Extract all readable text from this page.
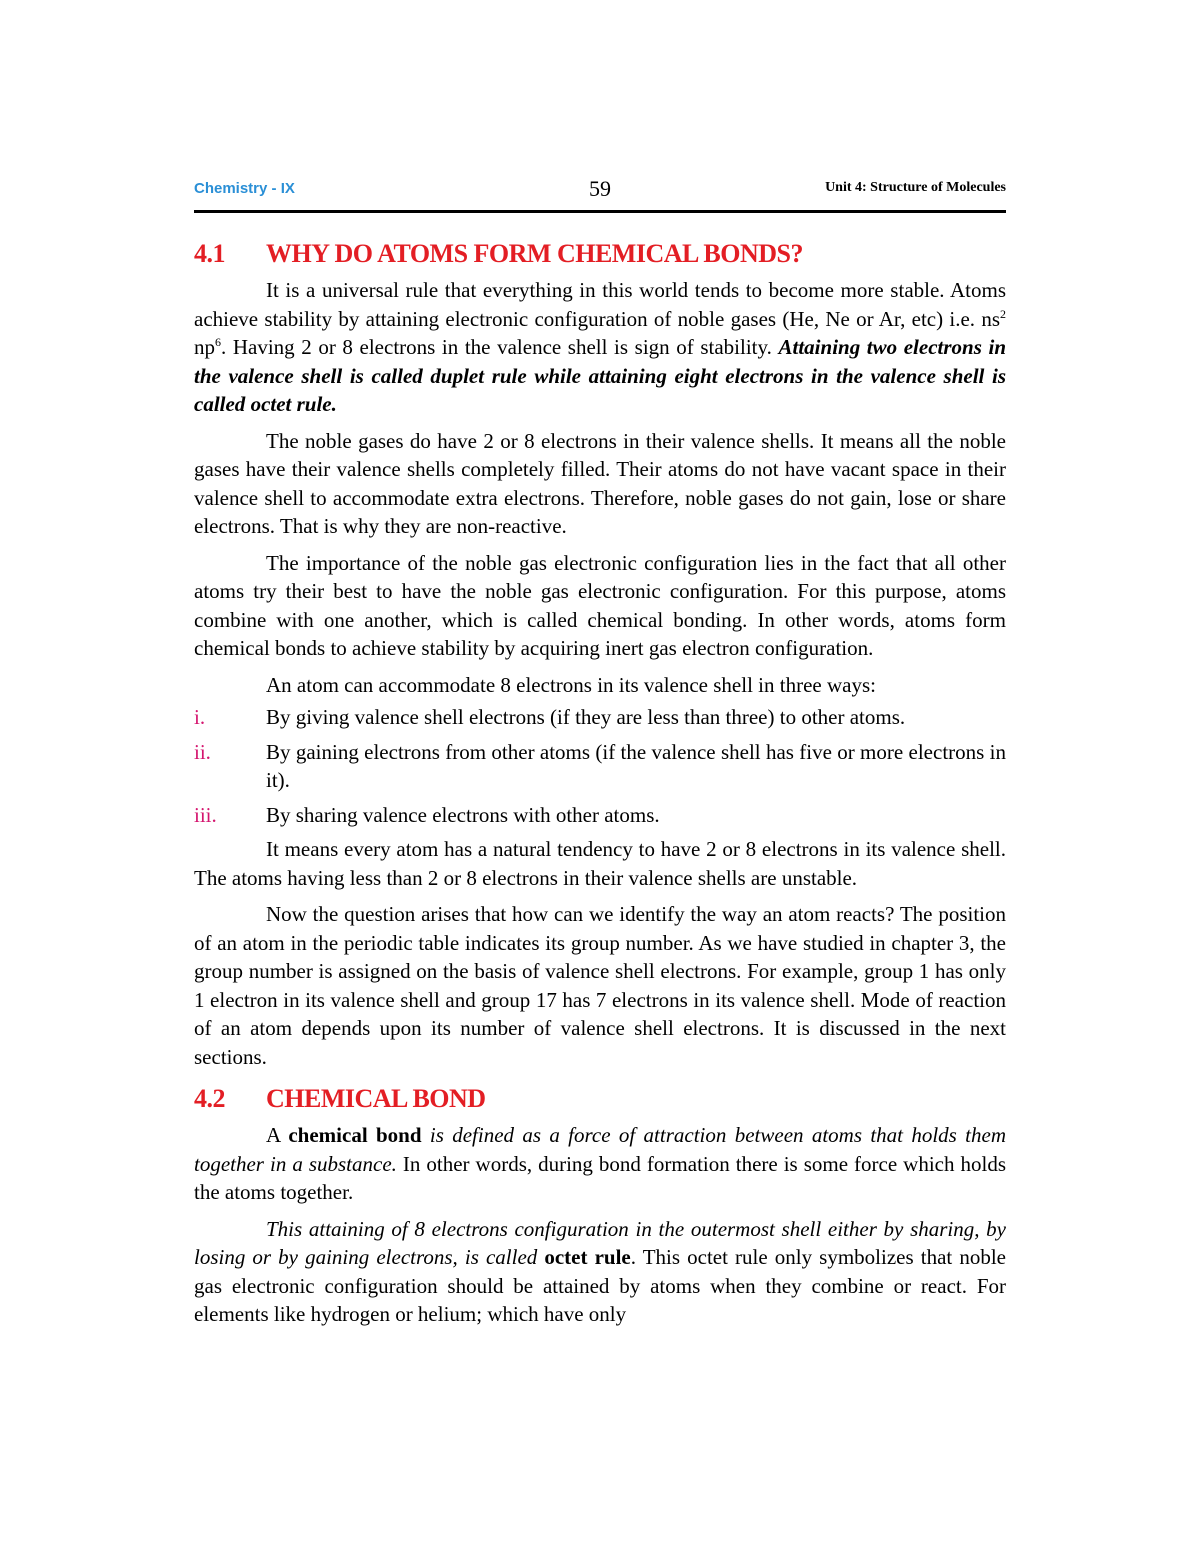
Chemistry - IX	59	Unit 4: Structure of Molecules
4.1	WHY DO ATOMS FORM CHEMICAL BONDS?

It is a universal rule that everything in this world tends to become more stable. Atoms achieve stability by attaining electronic configuration of noble gases (He, Ne or Ar, etc) i.e. $ns^2$ $np^6$. Having 2 or 8 electrons in the valence shell is sign of stability. Attaining two electrons in the valence shell is called duplet rule while attaining eight electrons in the valence shell is called octet rule.

The noble gases do have 2 or 8 electrons in their valence shells. It means all the noble gases have their valence shells completely filled. Their atoms do not have vacant space in their valence shell to accommodate extra electrons. Therefore, noble gases do not gain, lose or share electrons. That is why they are non-reactive.

The importance of the noble gas electronic configuration lies in the fact that all other atoms try their best to have the noble gas electronic configuration. For this purpose, atoms combine with one another, which is called chemical bonding. In other words, atoms form chemical bonds to achieve stability by acquiring inert gas electron configuration.

An atom can accommodate 8 electrons in its valence shell in three ways:

i.	By giving valence shell electrons (if they are less than three) to other atoms.
ii.	By gaining electrons from other atoms (if the valence shell has five or more electrons in it).
iii.	By sharing valence electrons with other atoms.

It means every atom has a natural tendency to have 2 or 8 electrons in its valence shell. The atoms having less than 2 or 8 electrons in their valence shells are unstable.

Now the question arises that how can we identify the way an atom reacts? The position of an atom in the periodic table indicates its group number. As we have studied in chapter 3, the group number is assigned on the basis of valence shell electrons. For example, group 1 has only 1 electron in its valence shell and group 17 has 7 electrons in its valence shell. Mode of reaction of an atom depends upon its number of valence shell electrons. It is discussed in the next sections.

4.2	CHEMICAL BOND

A chemical bond is defined as a force of attraction between atoms that holds them together in a substance. In other words, during bond formation there is some force which holds the atoms together.

This attaining of 8 electrons configuration in the outermost shell either by sharing, by losing or by gaining electrons, is called octet rule. This octet rule only symbolizes that noble gas electronic configuration should be attained by atoms when they combine or react. For elements like hydrogen or helium; which have only
